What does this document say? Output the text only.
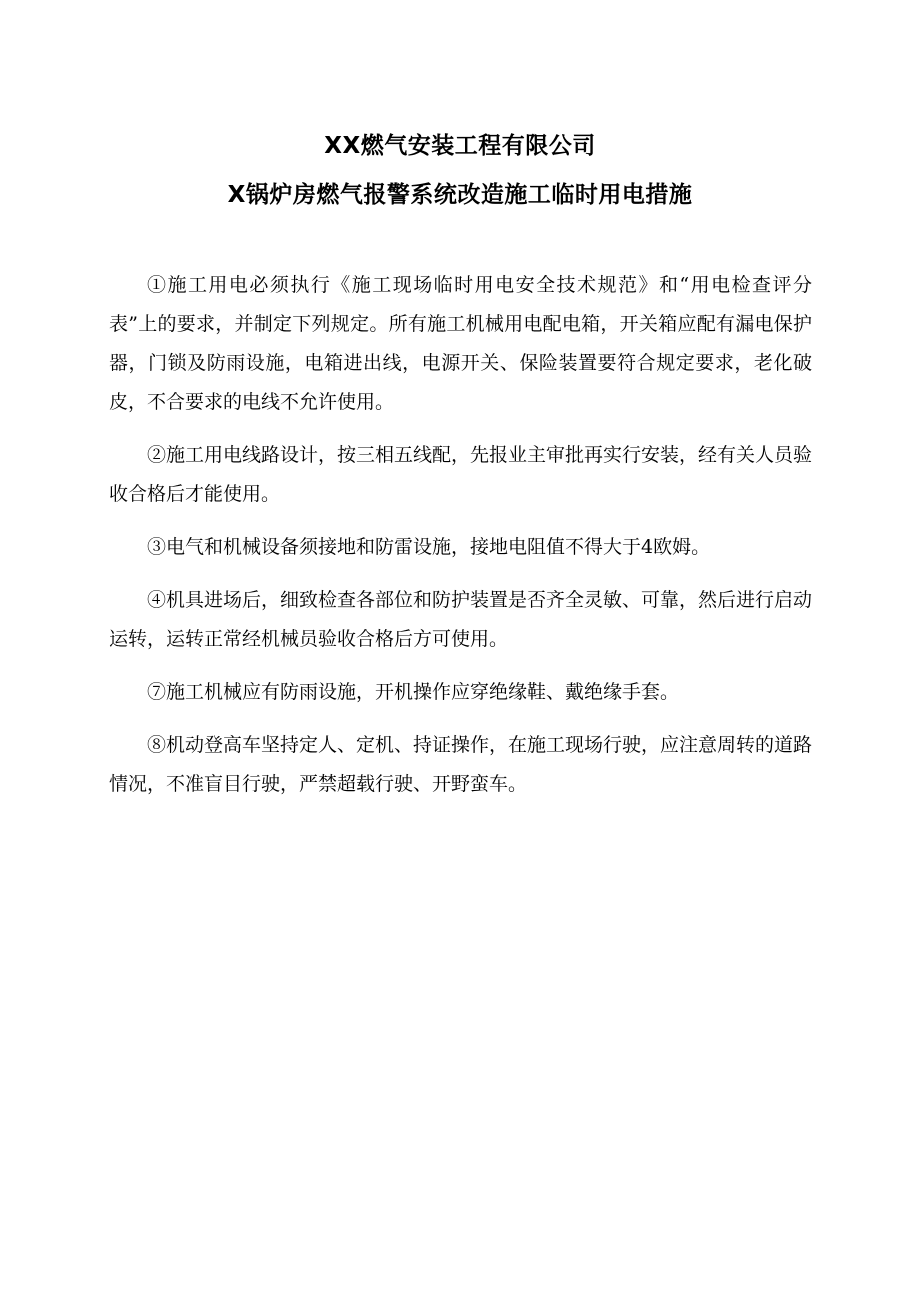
XX燃气安装工程有限公司
X锅炉房燃气报警系统改造施工临时用电措施

①施工用电必须执行《施工现场临时用电安全技术规范》和“用电检查评分表”上的要求，并制定下列规定。所有施工机械用电配电箱，开关箱应配有漏电保护器，门锁及防雨设施，电箱进出线，电源开关、保险装置要符合规定要求，老化破皮，不合要求的电线不允许使用。

②施工用电线路设计，按三相五线配，先报业主审批再实行安装，经有关人员验收合格后才能使用。

③电气和机械设备须接地和防雷设施，接地电阻值不得大于4欧姆。

④机具进场后，细致检查各部位和防护装置是否齐全灵敏、可靠，然后进行启动运转，运转正常经机械员验收合格后方可使用。

⑦施工机械应有防雨设施，开机操作应穿绝缘鞋、戴绝缘手套。

⑧机动登高车坚持定人、定机、持证操作，在施工现场行驶，应注意周转的道路情况，不准盲目行驶，严禁超载行驶、开野蛮车。
